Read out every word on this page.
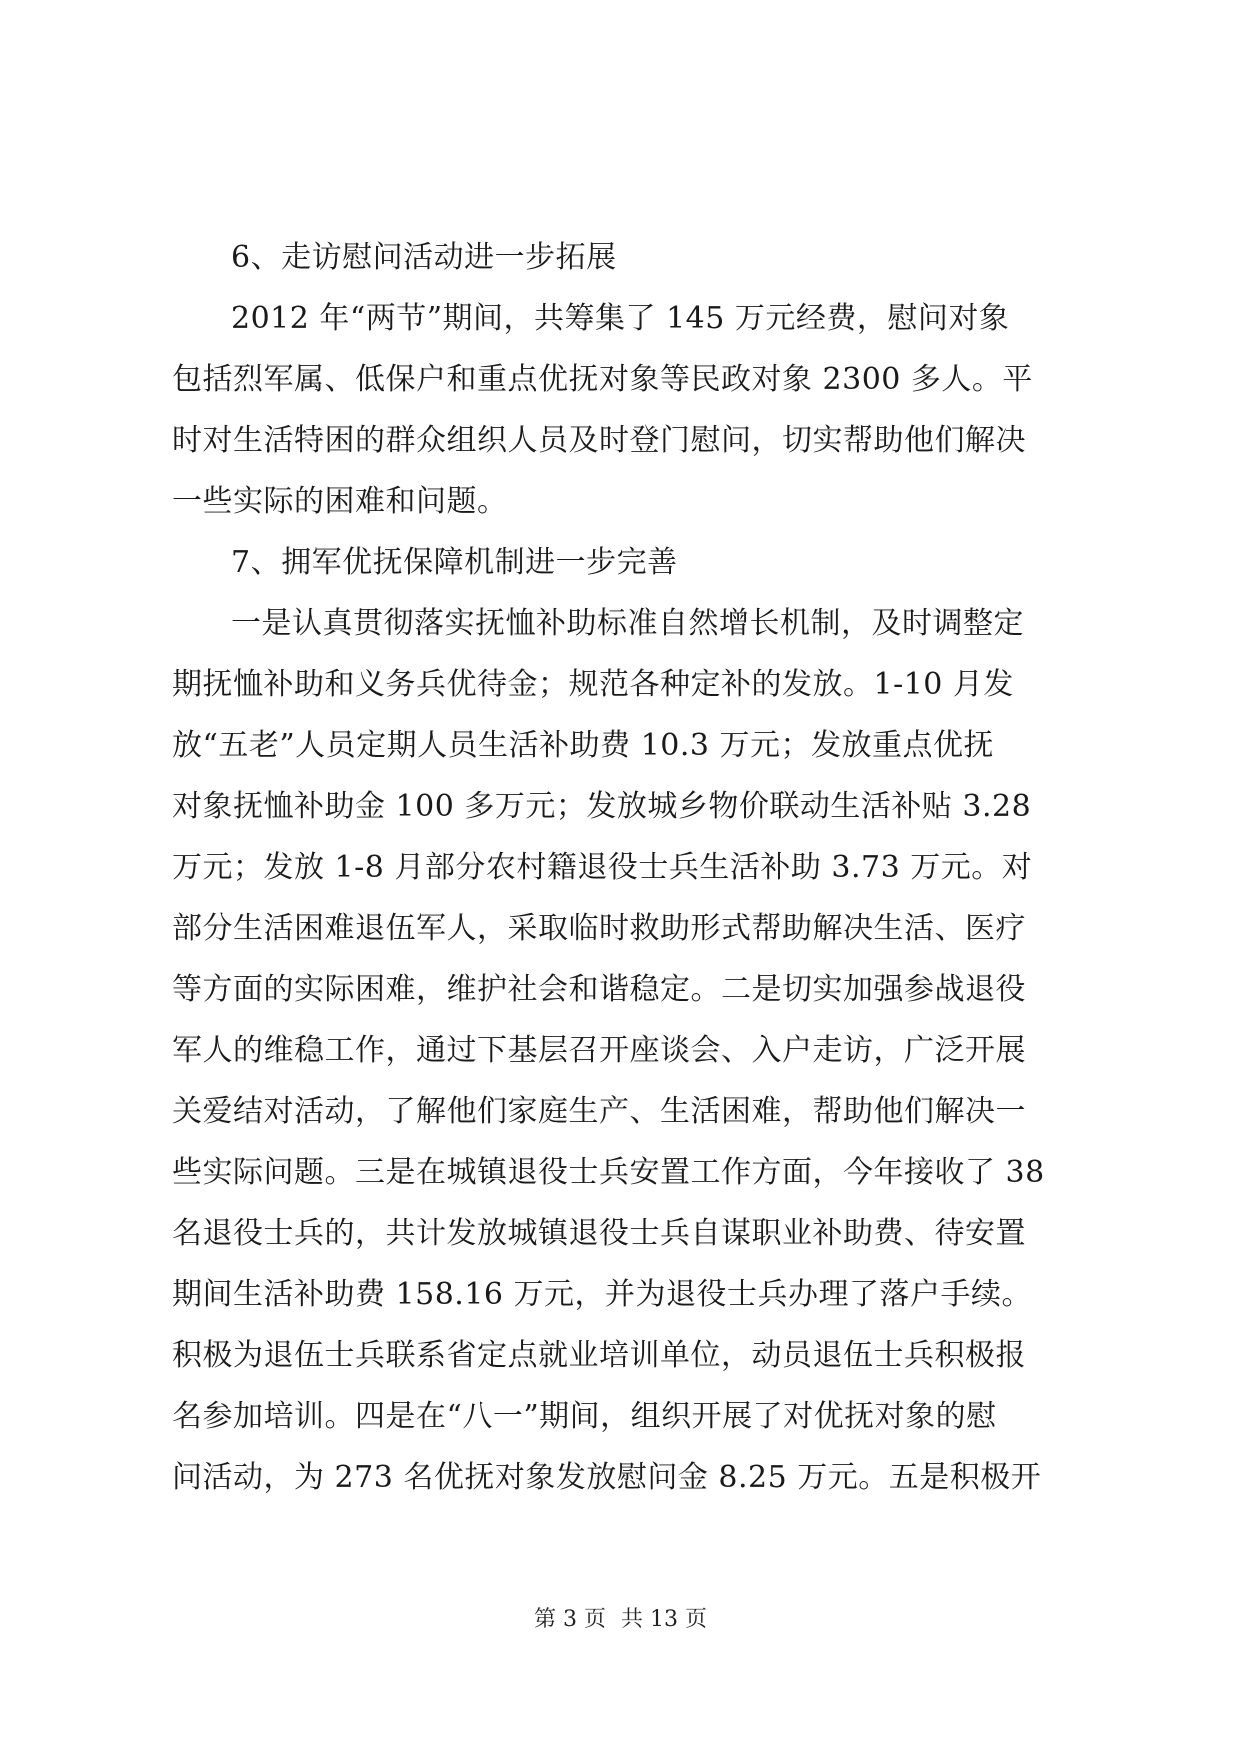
6、走访慰问活动进一步拓展
2012 年“两节”期间，共筹集了 145 万元经费，慰问对象
包括烈军属、低保户和重点优抚对象等民政对象 2300 多人。平
时对生活特困的群众组织人员及时登门慰问，切实帮助他们解决
一些实际的困难和问题。
7、拥军优抚保障机制进一步完善
一是认真贯彻落实抚恤补助标准自然增长机制，及时调整定
期抚恤补助和义务兵优待金；规范各种定补的发放。1-10 月发
放“五老”人员定期人员生活补助费 10.3 万元；发放重点优抚
对象抚恤补助金 100 多万元；发放城乡物价联动生活补贴 3.28
万元；发放 1-8 月部分农村籍退役士兵生活补助 3.73 万元。对
部分生活困难退伍军人，采取临时救助形式帮助解决生活、医疗
等方面的实际困难，维护社会和谐稳定。二是切实加强参战退役
军人的维稳工作，通过下基层召开座谈会、入户走访，广泛开展
关爱结对活动，了解他们家庭生产、生活困难，帮助他们解决一
些实际问题。三是在城镇退役士兵安置工作方面，今年接收了 38
名退役士兵的，共计发放城镇退役士兵自谋职业补助费、待安置
期间生活补助费 158.16 万元，并为退役士兵办理了落户手续。
积极为退伍士兵联系省定点就业培训单位，动员退伍士兵积极报
名参加培训。四是在“八一”期间，组织开展了对优抚对象的慰
问活动，为 273 名优抚对象发放慰问金 8.25 万元。五是积极开
第 3 页 共 13 页
